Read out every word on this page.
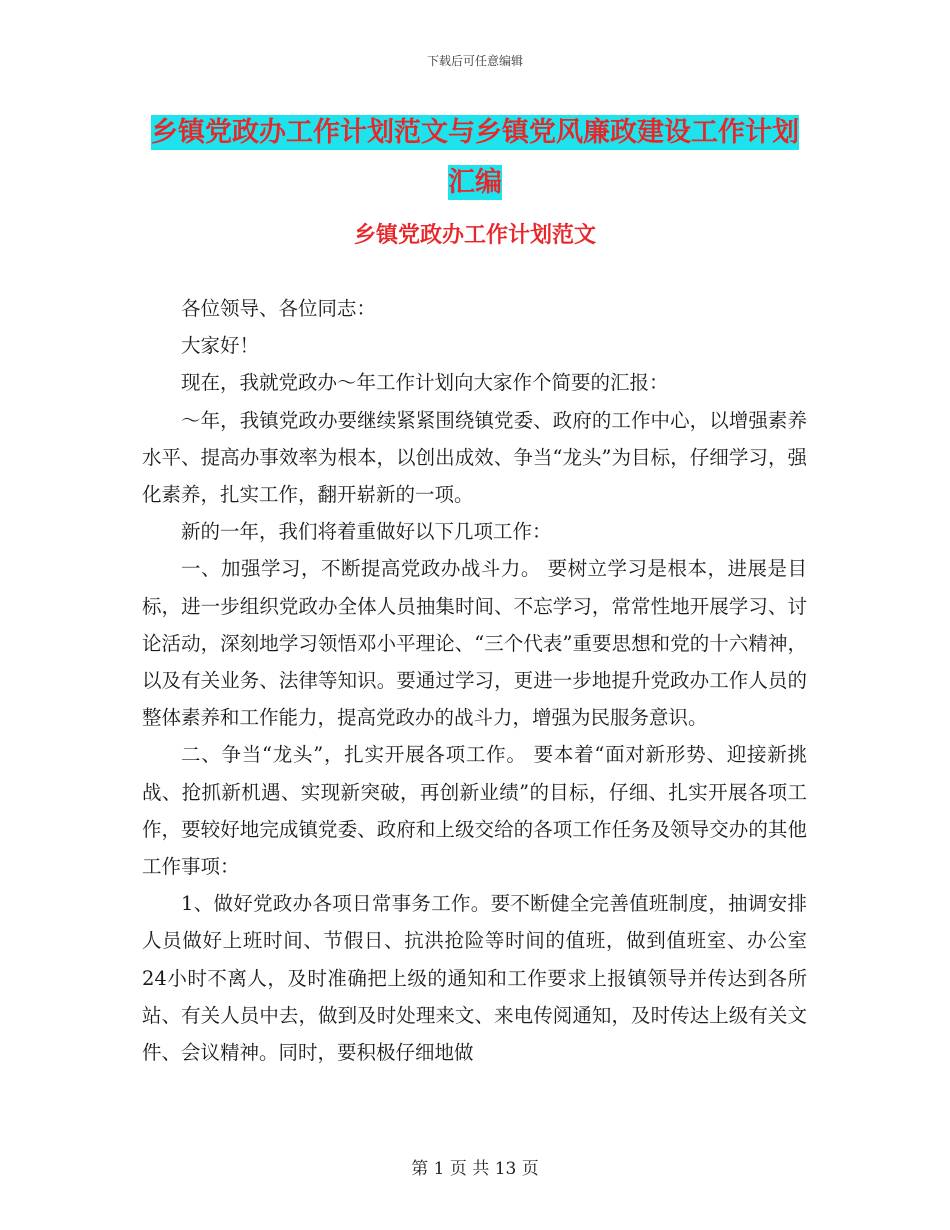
下载后可任意编辑
乡镇党政办工作计划范文与乡镇党风廉政建设工作计划汇编
乡镇党政办工作计划范文

各位领导、各位同志：

大家好！

现在，我就党政办～年工作计划向大家作个简要的汇报：

～年，我镇党政办要继续紧紧围绕镇党委、政府的工作中心，以增强素养水平、提高办事效率为根本，以创出成效、争当“龙头”为目标，仔细学习，强化素养，扎实工作，翻开崭新的一项。

新的一年，我们将着重做好以下几项工作：

一、加强学习，不断提高党政办战斗力。 要树立学习是根本，进展是目标，进一步组织党政办全体人员抽集时间、不忘学习，常常性地开展学习、讨论活动，深刻地学习领悟邓小平理论、“三个代表”重要思想和党的十六精神，以及有关业务、法律等知识。要通过学习，更进一步地提升党政办工作人员的整体素养和工作能力，提高党政办的战斗力，增强为民服务意识。

二、争当“龙头”，扎实开展各项工作。 要本着“面对新形势、迎接新挑战、抢抓新机遇、实现新突破，再创新业绩”的目标，仔细、扎实开展各项工作，要较好地完成镇党委、政府和上级交给的各项工作任务及领导交办的其他工作事项：

1、做好党政办各项日常事务工作。要不断健全完善值班制度，抽调安排人员做好上班时间、节假日、抗洪抢险等时间的值班，做到值班室、办公室24小时不离人，及时准确把上级的通知和工作要求上报镇领导并传达到各所站、有关人员中去，做到及时处理来文、来电传阅通知，及时传达上级有关文件、会议精神。同时，要积极仔细地做

第 1 页 共 13 页
